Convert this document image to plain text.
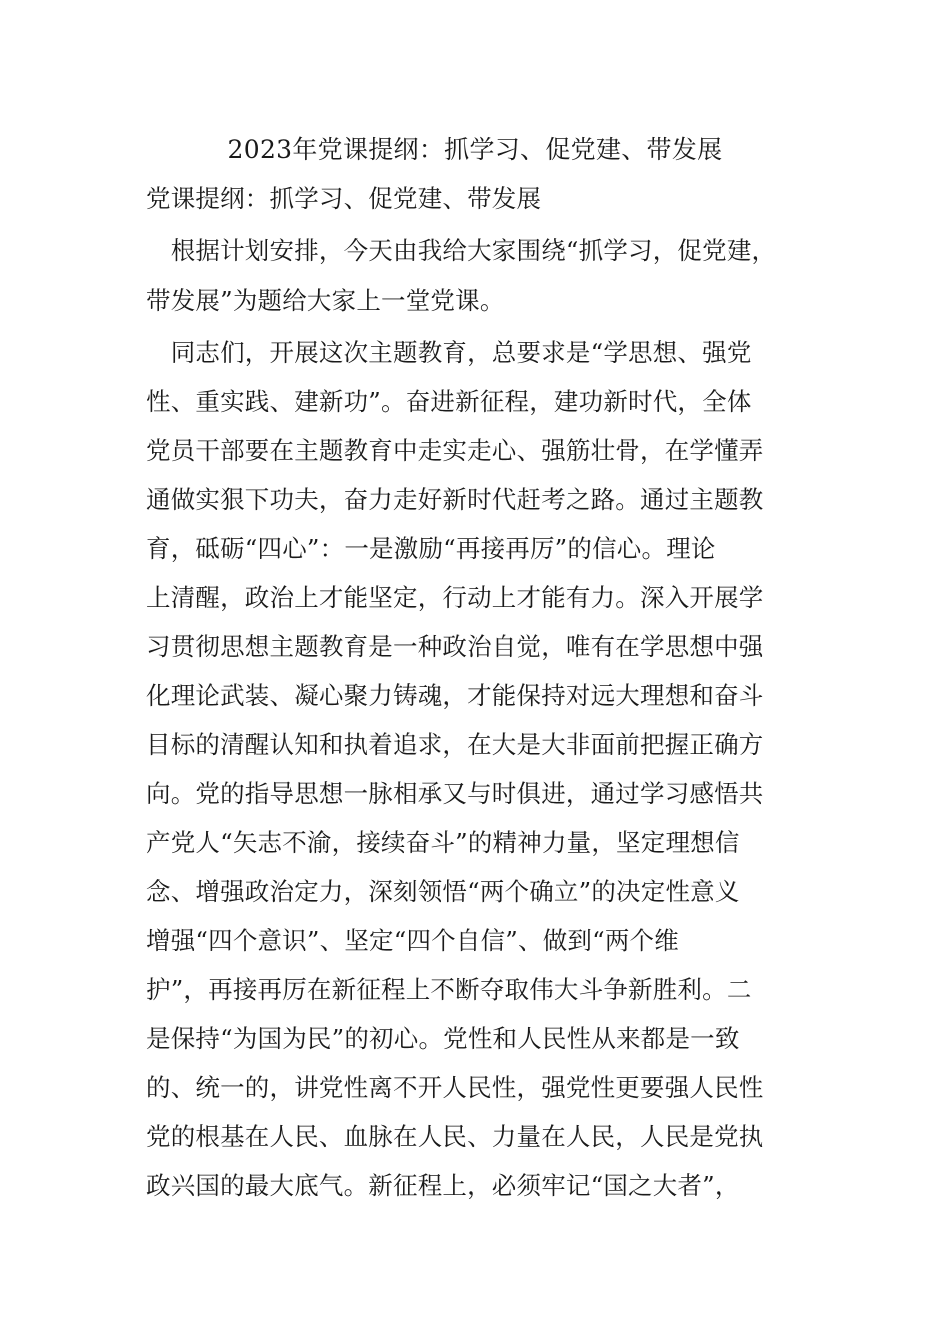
2023年党课提纲：抓学习、促党建、带发展
党课提纲：抓学习、促党建、带发展
　根据计划安排，今天由我给大家围绕“抓学习，促党建，
带发展”为题给大家上一堂党课。
　同志们，开展这次主题教育，总要求是“学思想、强党
性、重实践、建新功”。奋进新征程，建功新时代，全体
党员干部要在主题教育中走实走心、强筋壮骨，在学懂弄
通做实狠下功夫，奋力走好新时代赶考之路。通过主题教
育，砥砺“四心”：一是激励“再接再厉”的信心。理论
上清醒，政治上才能坚定，行动上才能有力。深入开展学
习贯彻思想主题教育是一种政治自觉，唯有在学思想中强
化理论武装、凝心聚力铸魂，才能保持对远大理想和奋斗
目标的清醒认知和执着追求，在大是大非面前把握正确方
向。党的指导思想一脉相承又与时俱进，通过学习感悟共
产党人“矢志不渝，接续奋斗”的精神力量，坚定理想信
念、增强政治定力，深刻领悟“两个确立”的决定性意义
增强“四个意识”、坚定“四个自信”、做到“两个维
护”，再接再厉在新征程上不断夺取伟大斗争新胜利。二
是保持“为国为民”的初心。党性和人民性从来都是一致
的、统一的，讲党性离不开人民性，强党性更要强人民性
党的根基在人民、血脉在人民、力量在人民，人民是党执
政兴国的最大底气。新征程上，必须牢记“国之大者”，
